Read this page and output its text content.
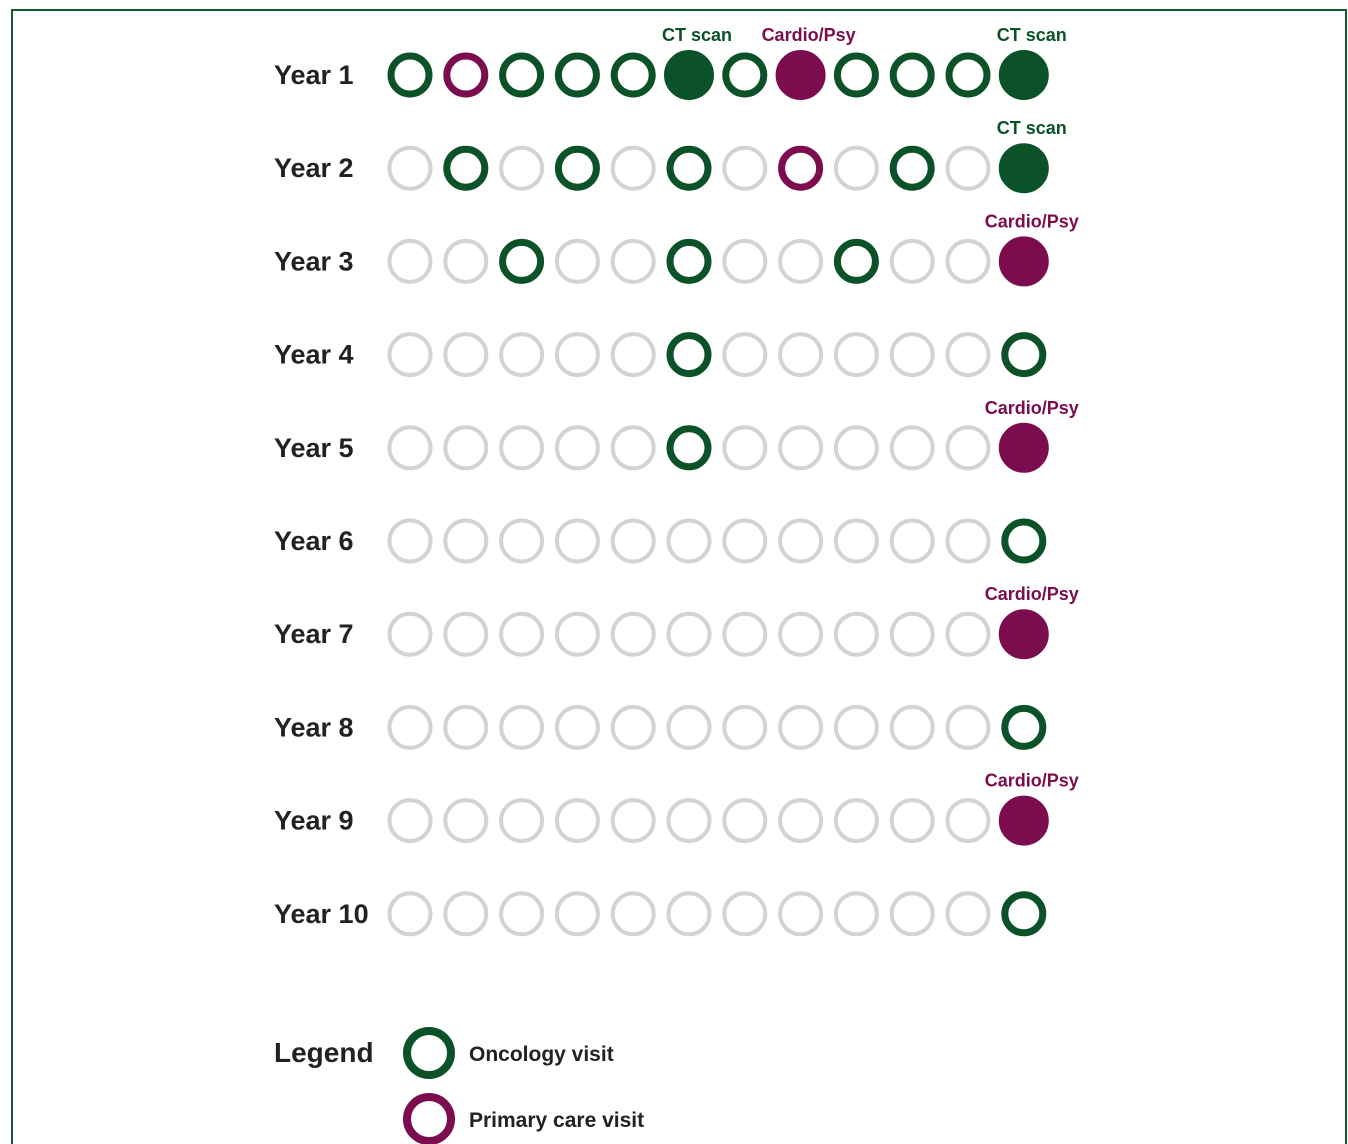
Year 1
CT scan Cardio/Psy	CT scan
Year 2
CT scan
Year 3
Cardio/Psy
Year 4
Year 5
Cardio/Psy
Year 6
Year 7
Cardio/Psy
Year 8
Year 9
Cardio/Psy
Year 10
Legend	Oncology visit
Primary care visit
